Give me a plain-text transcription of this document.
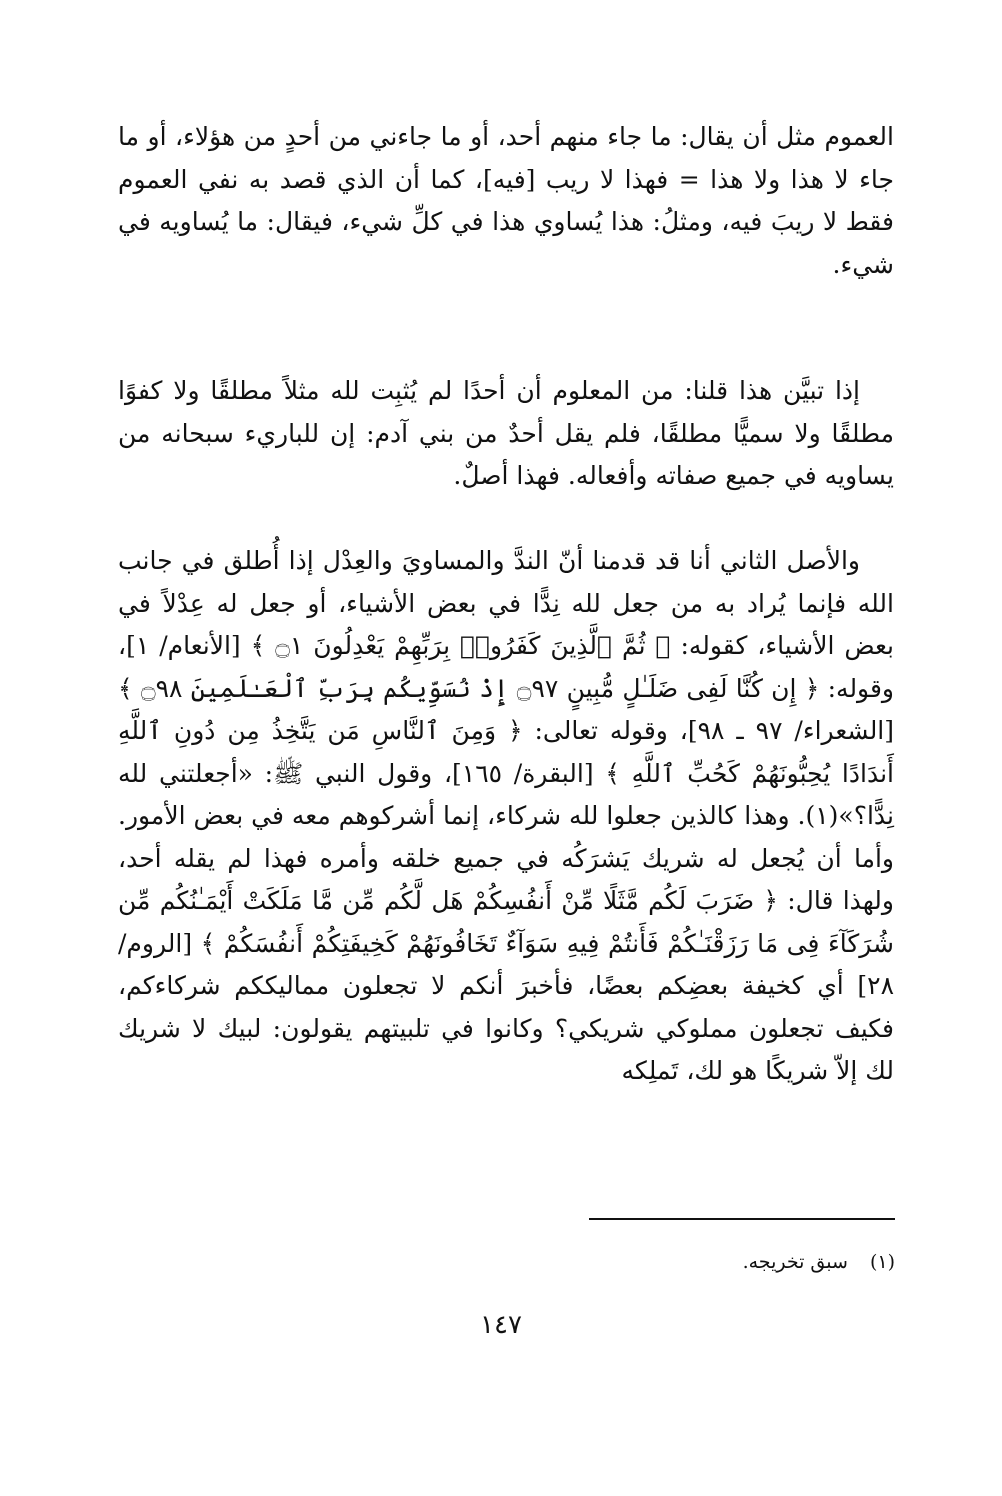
العموم مثل أن يقال: ما جاء منهم أحد، أو ما جاءني من أحدٍ من هؤلاء، أو ما جاء لا هذا ولا هذا = فهذا لا ريب [فيه]، كما أن الذي قصد به نفي العموم فقط لا ريبَ فيه، ومثلُ: هذا يُساوي هذا في كلِّ شيء، فيقال: ما يُساويه في شيء.

إذا تبيَّن هذا قلنا: من المعلوم أن أحدًا لم يُثبِت لله مثلاً مطلقًا ولا كفوًا مطلقًا ولا سميًّا مطلقًا، فلم يقل أحدٌ من بني آدم: إن للباريء سبحانه من يساويه في جميع صفاته وأفعاله. فهذا أصلٌ.

والأصل الثاني أنا قد قدمنا أنّ الندَّ والمساويَ والعِدْل إذا أُطلق في جانب الله فإنما يُراد به من جعل لله نِدًّا في بعض الأشياء، أو جعل له عِدْلاً في بعض الأشياء، كقوله: ﴿ ثُمَّ ٱلَّذِينَ كَفَرُوا۟ بِرَبِّهِمْ يَعْدِلُونَ ۝١ ﴾ [الأنعام/ ١]، وقوله: ﴿ إِن كُنَّا لَفِى ضَلَـٰلٍ مُّبِينٍ ۝٩٧ إِذْ نُسَوِّيكُم بِرَبِّ ٱلْعَـٰلَمِينَ ۝٩٨ ﴾ [الشعراء/ ٩٧ ـ ٩٨]، وقوله تعالى: ﴿ وَمِنَ ٱلنَّاسِ مَن يَتَّخِذُ مِن دُونِ ٱللَّهِ أَندَادًا يُحِبُّونَهُمْ كَحُبِّ ٱللَّهِ ﴾ [البقرة/ ١٦٥]، وقول النبي ﷺ: «أجعلتني لله نِدًّا؟»(١). وهذا كالذين جعلوا لله شركاء، إنما أشركوهم معه في بعض الأمور. وأما أن يُجعل له شريك يَشرَكُه في جميع خلقه وأمره فهذا لم يقله أحد، ولهذا قال: ﴿ ضَرَبَ لَكُم مَّثَلًا مِّنْ أَنفُسِكُمْ هَل لَّكُم مِّن مَّا مَلَكَتْ أَيْمَـٰنُكُم مِّن شُرَكَآءَ فِى مَا رَزَقْنَـٰكُمْ فَأَنتُمْ فِيهِ سَوَآءٌ تَخَافُونَهُمْ كَخِيفَتِكُمْ أَنفُسَكُمْ ﴾ [الروم/ ٢٨] أي كخيفة بعضِكم بعضًا، فأخبرَ أنكم لا تجعلون مماليككم شركاءكم، فكيف تجعلون مملوكي شريكي؟ وكانوا في تلبيتهم يقولون: لبيك لا شريك لك إلاّ شريكًا هو لك، تَملِكه

(١)سبق تخريجه.
١٤٧
